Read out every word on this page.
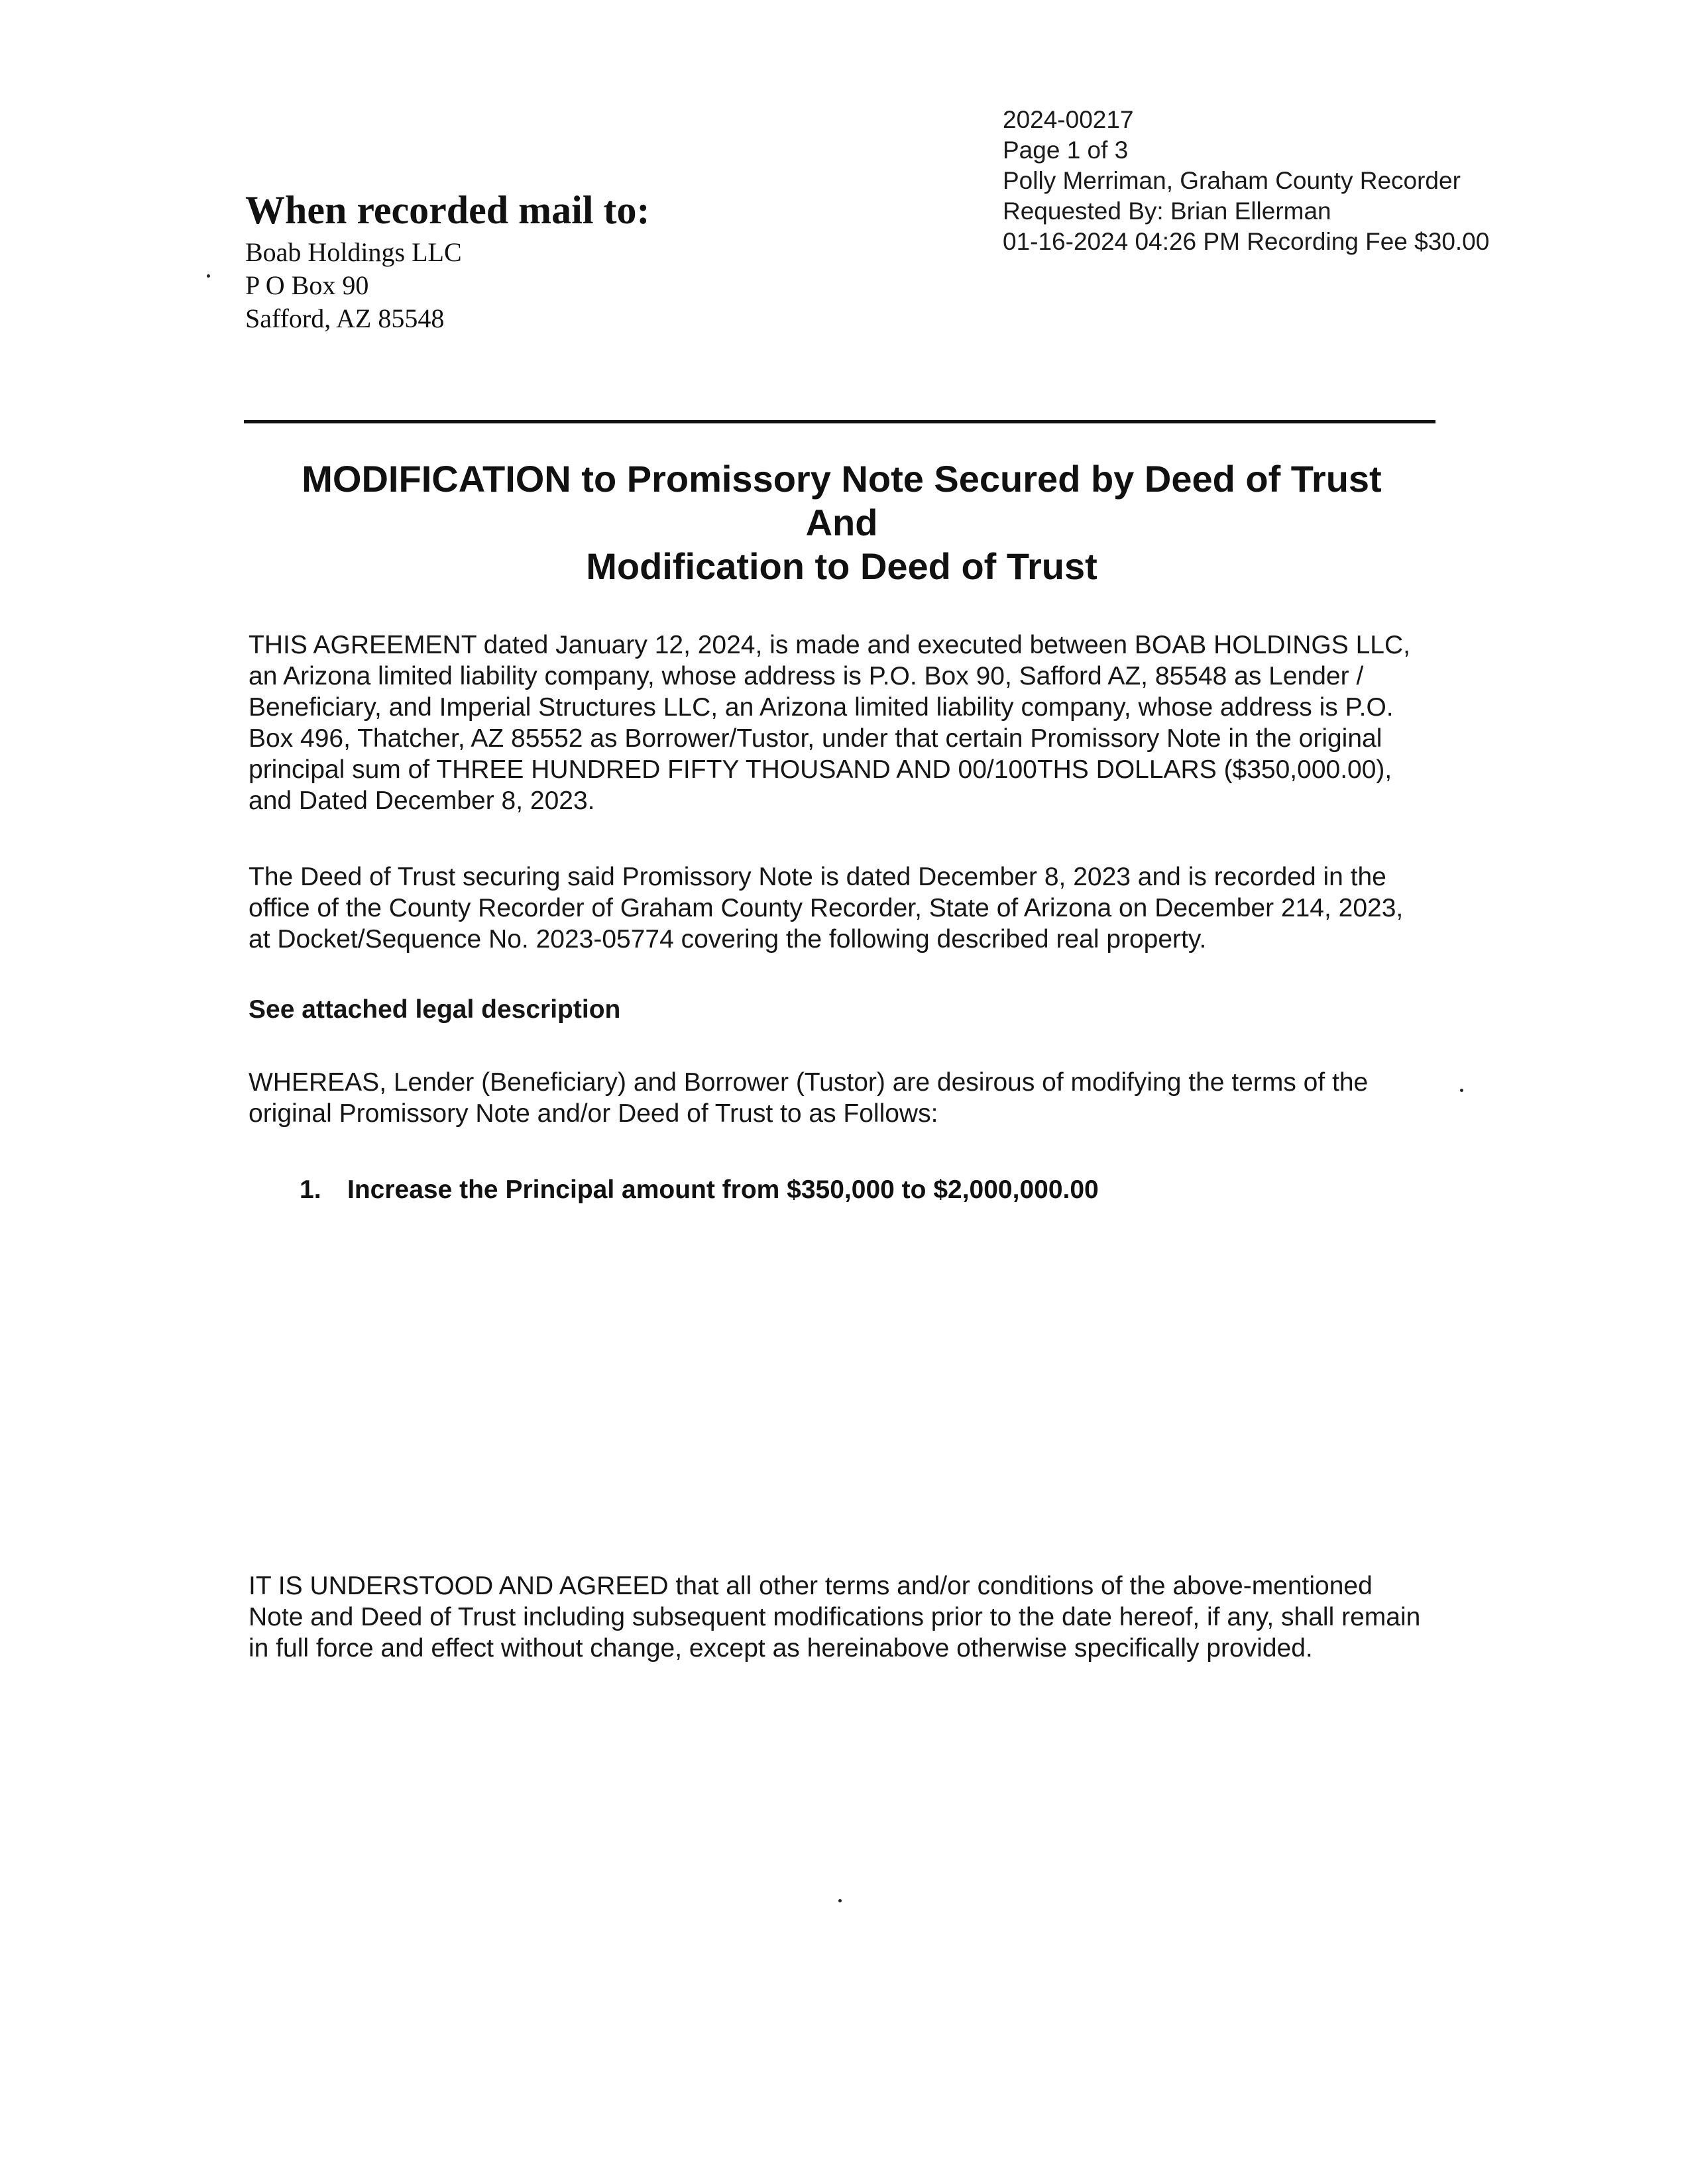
2024-00217
Page 1 of 3
Polly Merriman, Graham County Recorder
Requested By: Brian Ellerman
01-16-2024 04:26 PM Recording Fee $30.00
When recorded mail to:
Boab Holdings LLC
P O Box 90
Safford, AZ 85548
MODIFICATION to Promissory Note Secured by Deed of Trust
And
Modification to Deed of Trust

THIS AGREEMENT dated January 12, 2024, is made and executed between BOAB HOLDINGS LLC, an Arizona limited liability company, whose address is P.O. Box 90, Safford AZ, 85548 as Lender / Beneficiary, and Imperial Structures LLC, an Arizona limited liability company, whose address is P.O. Box 496, Thatcher, AZ 85552 as Borrower/Tustor, under that certain Promissory Note in the original principal sum of THREE HUNDRED FIFTY THOUSAND AND 00/100THS DOLLARS ($350,000.00), and Dated December 8, 2023.

The Deed of Trust securing said Promissory Note is dated December 8, 2023 and is recorded in the office of the County Recorder of Graham County Recorder, State of Arizona on December 214, 2023, at Docket/Sequence No. 2023-05774 covering the following described real property.

See attached legal description

WHEREAS, Lender (Beneficiary) and Borrower (Tustor) are desirous of modifying the terms of the original Promissory Note and/or Deed of Trust to as Follows:

1. Increase the Principal amount from $350,000 to $2,000,000.00

IT IS UNDERSTOOD AND AGREED that all other terms and/or conditions of the above-mentioned Note and Deed of Trust including subsequent modifications prior to the date hereof, if any, shall remain in full force and effect without change, except as hereinabove otherwise specifically provided.
